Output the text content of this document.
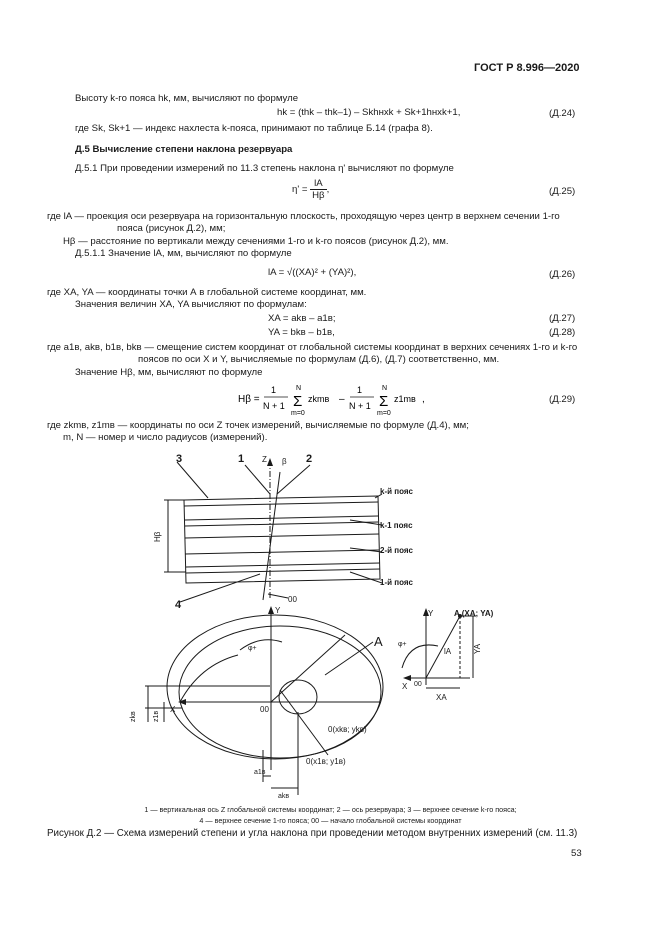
ГОСТ Р 8.996—2020
Высоту k-го пояса hk, мм, вычисляют по формуле
hk = (thk – thk–1) – Skhнхk + Sk+1hнхk+1,	(Д.24)
где Sk, Sk+1 — индекс нахлеста k-пояса, принимают по таблице Б.14 (графа 8).
Д.5 Вычисление степени наклона резервуара
Д.5.1 При проведении измерений по 11.3 степень наклона η' вычисляют по формуле
$\eta' = \frac{lA}{H\beta}$ ,	(Д.25)
где lA — проекция оси резервуара на горизонтальную плоскость, проходящую через центр в верхнем сечении 1-го
пояса (рисунок Д.2), мм;
Hβ — расстояние по вертикали между сечениями 1-го и k-го поясов (рисунок Д.2), мм.
Д.5.1.1 Значение lA, мм, вычисляют по формуле
lA = √((XA)² + (YA)²),	(Д.26)
где XA, YA — координаты точки А в глобальной системе координат, мм.
Значения величин XA, YA вычисляют по формулам:
XA = akв – a1в;	(Д.27)
YA = bkв – b1в,	(Д.28)
где a1в, akв, b1в, bkв — смещение систем координат от глобальной системы координат в верхних сечениях 1-го и k-го
поясов по оси X и Y, вычисляемые по формулам (Д.6), (Д.7) соответственно, мм.
Значение Hβ, мм, вычисляют по формуле
Hβ =
1
N + 1
N
Σ
m=0
zkmв –
1
N + 1
N
Σ
m=0
z1mв ,	(Д.29)
где zkmв, z1mв — координаты по оси Z точек измерений, вычисляемые по формуле (Д.4), мм;
m, N — номер и число радиусов (измерений).
1	2
3
4
A
Z β
Hβ
k-й пояс
k-1 пояс
2-й пояс
1-й пояс
00
Y
X
φ+
00
zkв z1в
0(xkв; ykв)
0(x1в; y1в)
a1в
akв
Y
X 00
φ+
A (XA; YA)
lA	YA
XA
1 — вертикальная ось Z глобальной системы координат; 2 — ось резервуара; 3 — верхнее сечение k-го пояса;
4 — верхнее сечение 1-го пояса; 00 — начало глобальной системы координат
Рисунок Д.2 — Схема измерений степени и угла наклона при проведении методом внутренних измерений (см. 11.3)
53
